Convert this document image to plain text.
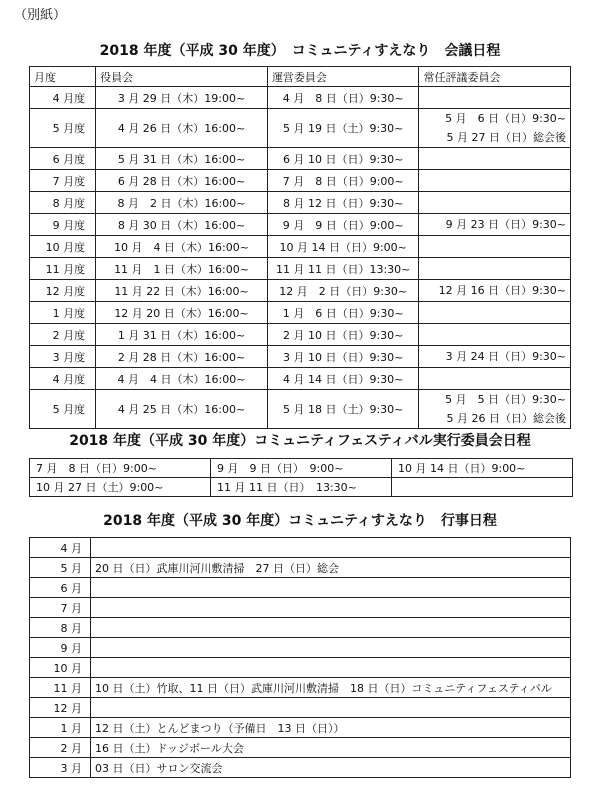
（別紙）
2018 年度（平成 30 年度）　コミュニティすえなり　会議日程
月度	役員会	運営委員会	常任評議委員会
4 月度	3 月 29 日（木）19:00~	4 月　8 日（日）9:30~	
5 月度	4 月 26 日（木）16:00~	5 月 19 日（土）9:30~	5 月　6 日（日）9:30~
5 月 27 日（日）総会後

6 月度	5 月 31 日（木）16:00~	6 月 10 日（日）9:30~	
7 月度	6 月 28 日（木）16:00~	7 月　8 日（日）9:00~	
8 月度	8 月　2 日（木）16:00~	8 月 12 日（日）9:30~	
9 月度	8 月 30 日（木）16:00~	9 月　9 日（日）9:00~	9 月 23 日（日）9:30~

10 月度	10 月　4 日（木）16:00~	10 月 14 日（日）9:00~	
11 月度	11 月　1 日（木）16:00~	11 月 11 日（日）13:30~	
12 月度	11 月 22 日（木）16:00~	12 月　2 日（日）9:30~	12 月 16 日（日）9:30~

1 月度	12 月 20 日（木）16:00~	1 月　6 日（日）9:30~	
2 月度	1 月 31 日（木）16:00~	2 月 10 日（日）9:30~	
3 月度	2 月 28 日（木）16:00~	3 月 10 日（日）9:30~	3 月 24 日（日）9:30~

4 月度	4 月　4 日（木）16:00~	4 月 14 日（日）9:30~	
5 月度	4 月 25 日（木）16:00~	5 月 18 日（土）9:30~	5 月　5 日（日）9:30~
5 月 26 日（日）総会後
2018 年度（平成 30 年度）コミュニティフェスティバル実行委員会日程
7 月　8 日（日）9:00~	9 月　9 日（日）　9:00~	10 月 14 日（日）9:00~
10 月 27 日（土）9:00~	11 月 11 日（日）　13:30~	
2018 年度（平成 30 年度）コミュニティすえなり　行事日程
4 月	
5 月	20 日（日）武庫川河川敷清掃　27 日（日）総会
6 月	
7 月	
8 月	
9 月	
10 月	
11 月	10 日（土）竹取、11 日（日）武庫川河川敷清掃　18 日（日）コミュニティフェスティバル
12 月	
1 月	12 日（土）とんどまつり（予備日　13 日（日））
2 月	16 日（土）ドッジボール大会
3 月	03 日（日）サロン交流会
